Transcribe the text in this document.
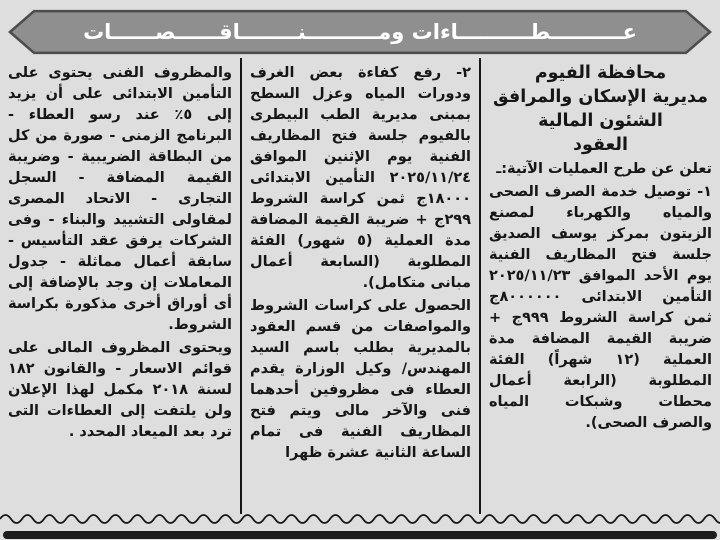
عــــــــــطــــــــــاءات ومــــــــــنــــــــاقــــــصــــــات
محافظة الفيوم
مديرية الإسكان والمرافق
الشئون المالية
العقود

تعلن عن طرح العمليات الآتية:ـ

١- توصيل خدمة الصرف الصحى والمياه والكهرباء لمصنع الزيتون بمركز يوسف الصديق جلسة فتح المظاريف الفنية يوم الأحد الموافق ٢٠٢٥/١١/٢٣ التأمين الابتدائى ٨٠٠٠٠٠٠ج ثمن كراسة الشروط ٩٩٩ج + ضريبة القيمة المضافة مدة العملية (١٢ شهراً) الفئة المطلوبة (الرابعة أعمال محطات وشبكات المياه والصرف الصحى).

٢- رفع كفاءة بعض الغرف ودورات المياه وعزل السطح بمبنى مديرية الطب البيطرى بالفيوم جلسة فتح المظاريف الفنية يوم الإثنين الموافق ٢٠٢٥/١١/٢٤ التأمين الابتدائى ١٨٠٠٠ج ثمن كراسة الشروط ٢٩٩ج + ضريبة القيمة المضافة مدة العملية (٥ شهور) الفئة المطلوبة (السابعة أعمال مبانى متكامل).

الحصول على كراسات الشروط والمواصفات من قسم العقود بالمديرية بطلب باسم السيد المهندس/ وكيل الوزارة يقدم العطاء فى مظروفين أحدهما فنى والآخر مالى ويتم فتح المظاريف الفنية فى تمام الساعة الثانية عشرة ظهرا

والمظروف الفنى يحتوى على التأمين الابتدائى على أن يزيد إلى ٥٪ عند رسو العطاء - البرنامج الزمنى - صورة من كل من البطاقة الضريبية - وضريبة القيمة المضافة - السجل التجارى - الاتحاد المصرى لمقاولى التشييد والبناء - وفى الشركات يرفق عقد التأسيس - سابقة أعمال مماثلة - جدول المعاملات إن وجد بالإضافة إلى أى أوراق أخرى مذكورة بكراسة الشروط.

ويحتوى المظروف المالى على قوائم الاسعار - والقانون ١٨٢ لسنة ٢٠١٨ مكمل لهذا الإعلان ولن يلتفت إلى العطاءات التى ترد بعد الميعاد المحدد .
